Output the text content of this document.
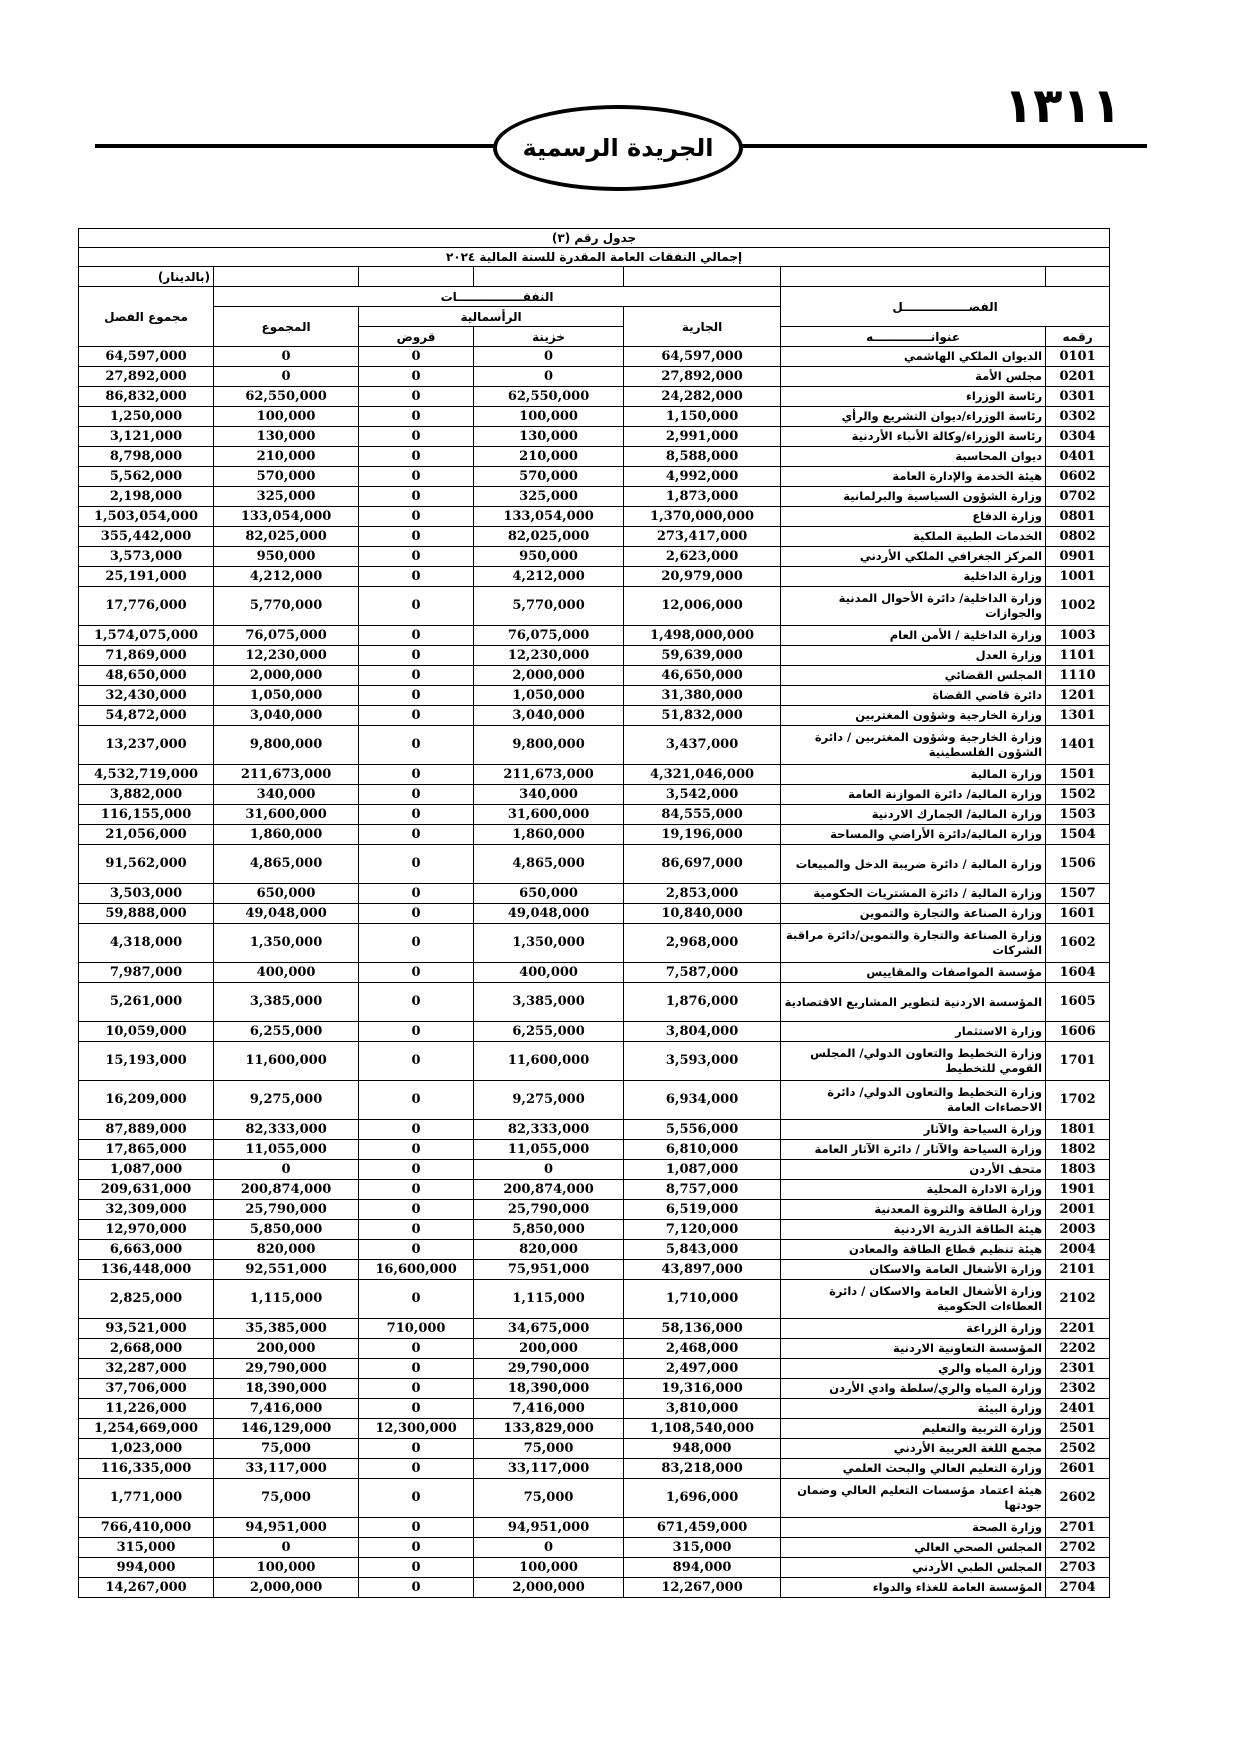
١٣١١
الجريدة الرسمية
جدول رقم (٣)						
إجمالي النفقات العامة المقدرة للسنة المالية ٢٠٢٤						
						(بالدينار)
الفصــــــــــــــــل		النفقــــــــــــــــات				مجموع الفصل
		الجارية	الرأسمالية		المجموع	
رقمه	عنوانــــــــــــــه		خزينة	قروض		
0101	الديوان الملكي الهاشمي	64,597,000	0	0	0	64,597,000
0201	مجلس الأمة	27,892,000	0	0	0	27,892,000
0301	رئاسة الوزراء	24,282,000	62,550,000	0	62,550,000	86,832,000
0302	رئاسة الوزراء/ديوان التشريع والرأي	1,150,000	100,000	0	100,000	1,250,000
0304	رئاسة الوزراء/وكالة الأنباء الأردنية	2,991,000	130,000	0	130,000	3,121,000
0401	ديوان المحاسبة	8,588,000	210,000	0	210,000	8,798,000
0602	هيئة الخدمة والإدارة العامة	4,992,000	570,000	0	570,000	5,562,000
0702	وزارة الشؤون السياسية والبرلمانية	1,873,000	325,000	0	325,000	2,198,000
0801	وزارة الدفاع	1,370,000,000	133,054,000	0	133,054,000	1,503,054,000
0802	الخدمات الطبية الملكية	273,417,000	82,025,000	0	82,025,000	355,442,000
0901	المركز الجغرافي الملكي الأردني	2,623,000	950,000	0	950,000	3,573,000
1001	وزارة الداخلية	20,979,000	4,212,000	0	4,212,000	25,191,000
1002	وزارة الداخلية/ دائرة الأحوال المدنية والجوازات	12,006,000	5,770,000	0	5,770,000	17,776,000
1003	وزارة الداخلية / الأمن العام	1,498,000,000	76,075,000	0	76,075,000	1,574,075,000
1101	وزارة العدل	59,639,000	12,230,000	0	12,230,000	71,869,000
1110	المجلس القضائي	46,650,000	2,000,000	0	2,000,000	48,650,000
1201	دائرة قاضي القضاة	31,380,000	1,050,000	0	1,050,000	32,430,000
1301	وزارة الخارجية وشؤون المغتربين	51,832,000	3,040,000	0	3,040,000	54,872,000
1401	وزارة الخارجية وشؤون المغتربين / دائرة الشؤون الفلسطينية	3,437,000	9,800,000	0	9,800,000	13,237,000
1501	وزارة المالية	4,321,046,000	211,673,000	0	211,673,000	4,532,719,000
1502	وزارة المالية/ دائرة الموازنة العامة	3,542,000	340,000	0	340,000	3,882,000
1503	وزارة المالية/ الجمارك الاردنية	84,555,000	31,600,000	0	31,600,000	116,155,000
1504	وزارة المالية/دائرة الأراضي والمساحة	19,196,000	1,860,000	0	1,860,000	21,056,000
1506	وزارة المالية / دائرة ضريبة الدخل والمبيعات	86,697,000	4,865,000	0	4,865,000	91,562,000
1507	وزارة المالية / دائرة المشتريات الحكومية	2,853,000	650,000	0	650,000	3,503,000
1601	وزارة الصناعة والتجارة والتموين	10,840,000	49,048,000	0	49,048,000	59,888,000
1602	وزارة الصناعة والتجارة والتموين/دائرة مراقبة الشركات	2,968,000	1,350,000	0	1,350,000	4,318,000
1604	مؤسسة المواصفات والمقاييس	7,587,000	400,000	0	400,000	7,987,000
1605	المؤسسة الاردنية لتطوير المشاريع الاقتصادية	1,876,000	3,385,000	0	3,385,000	5,261,000
1606	وزارة الاستثمار	3,804,000	6,255,000	0	6,255,000	10,059,000
1701	وزارة التخطيط والتعاون الدولي/ المجلس القومي للتخطيط	3,593,000	11,600,000	0	11,600,000	15,193,000
1702	وزارة التخطيط والتعاون الدولي/ دائرة الاحصاءات العامة	6,934,000	9,275,000	0	9,275,000	16,209,000
1801	وزارة السياحة والآثار	5,556,000	82,333,000	0	82,333,000	87,889,000
1802	وزارة السياحة والآثار / دائرة الآثار العامة	6,810,000	11,055,000	0	11,055,000	17,865,000
1803	متحف الأردن	1,087,000	0	0	0	1,087,000
1901	وزارة الادارة المحلية	8,757,000	200,874,000	0	200,874,000	209,631,000
2001	وزارة الطاقة والثروة المعدنية	6,519,000	25,790,000	0	25,790,000	32,309,000
2003	هيئة الطاقة الذرية الاردنية	7,120,000	5,850,000	0	5,850,000	12,970,000
2004	هيئة تنظيم قطاع الطاقة والمعادن	5,843,000	820,000	0	820,000	6,663,000
2101	وزارة الأشغال العامة والاسكان	43,897,000	75,951,000	16,600,000	92,551,000	136,448,000
2102	وزارة الأشغال العامة والاسكان / دائرة العطاءات الحكومية	1,710,000	1,115,000	0	1,115,000	2,825,000
2201	وزارة الزراعة	58,136,000	34,675,000	710,000	35,385,000	93,521,000
2202	المؤسسة التعاونية الاردنية	2,468,000	200,000	0	200,000	2,668,000
2301	وزارة المياه والري	2,497,000	29,790,000	0	29,790,000	32,287,000
2302	وزارة المياه والري/سلطة وادي الأردن	19,316,000	18,390,000	0	18,390,000	37,706,000
2401	وزارة البيئة	3,810,000	7,416,000	0	7,416,000	11,226,000
2501	وزارة التربية والتعليم	1,108,540,000	133,829,000	12,300,000	146,129,000	1,254,669,000
2502	مجمع اللغة العربية الأردني	948,000	75,000	0	75,000	1,023,000
2601	وزارة التعليم العالي والبحث العلمي	83,218,000	33,117,000	0	33,117,000	116,335,000
2602	هيئة اعتماد مؤسسات التعليم العالي وضمان جودتها	1,696,000	75,000	0	75,000	1,771,000
2701	وزارة الصحة	671,459,000	94,951,000	0	94,951,000	766,410,000
2702	المجلس الصحي العالي	315,000	0	0	0	315,000
2703	المجلس الطبي الأردني	894,000	100,000	0	100,000	994,000
2704	المؤسسة العامة للغذاء والدواء	12,267,000	2,000,000	0	2,000,000	14,267,000
